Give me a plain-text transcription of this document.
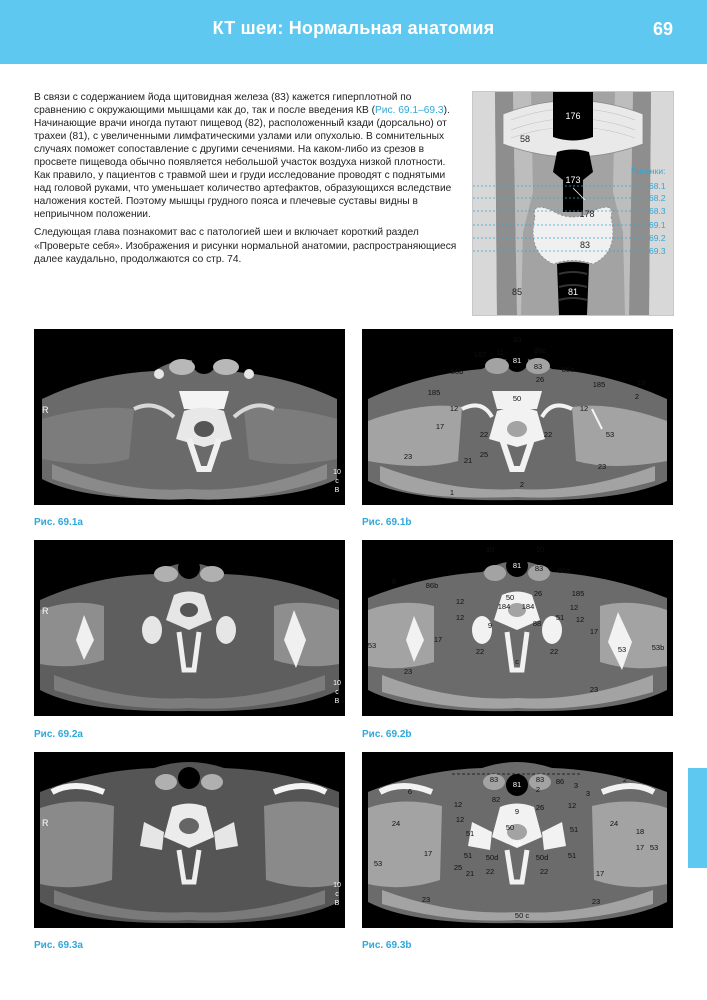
КТ шеи: Нормальная анатомия	69

В связи с содержанием йода щитовидная железа (83) кажется гиперплотной по сравнению с окружающими мышцами как до, так и после введения КВ (Рис. 69.1–69.3). Начинающие врачи иногда путают пищевод (82), расположенный кзади (дорсально) от трахеи (81), с увеличенными лимфатическими узлами или опухолью. В сомнительных случаях поможет сопоставление с другими сечениями. На каком-либо из срезов в просвете пищевода обычно появляется небольшой участок воздуха низкой плотности. Как правило, у пациентов с травмой шеи и груди исследование проводят с поднятыми над головой руками, что уменьшает количество артефактов, образующихся вследствие наложения костей. Поэтому мышцы грудного пояса и плечевые суставы видны в неприычном положении.

Следующая глава познакомит вас с патологией шеи и включает короткий раздел «Проверьте себя». Изображения и рисунки нормальной анатомии, распространяющиеся далее каудально, продолжаются со стр. 74.

176
58
173
178
83
85	81
Рисунки:
68.1
68.2
68.3
69.1
69.2
69.3
R
10
c
B
Рис. 69.1a
81
167
10
86c
86b
83	86a
26
185
185	13
2
12	12
50
17
22	22
25
21
23
23
2
53
1
11
Рис. 69.1b
R
10
c
B
Рис. 69.2a
10	10
81 83 86a
86b
6
12	50	26
184 184
185
12
9	88
51
17
17
53	53b
22	22
23
23
53
12	12
c
Рис. 69.2b
R
10
c
B
Рис. 69.3a
83
81
83 86 3
2
6
12
82
26	12
24
9
50
54
51	51
24
17
17
18
53
53
51 50d	50d	51
22	22
21	17
23	23
50 c
2	3
25
12
Рис. 69.3b
